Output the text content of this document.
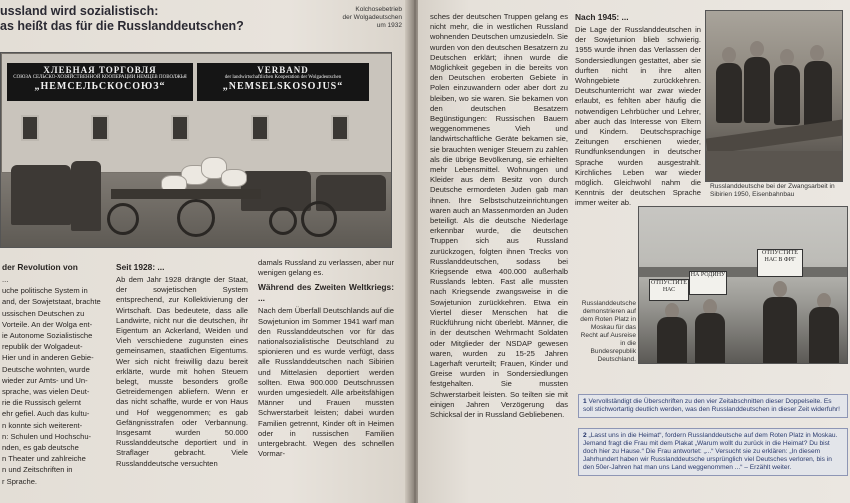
ussland wird sozialistisch:
as heißt das für die Russlanddeutschen?
Kolchosebetrieb
der Wolgadeutschen
um 1932
ХЛЕБНАЯ ТОРГОВЛЯ
СОЮЗА СЕЛЬСКО-ХОЗЯЙСТВЕННОЙ КООПЕРАЦИИ НЕМЦЕВ ПОВОЛЖЬЯ
„НЕМСЕЛЬСКОСОЮЗ“
VERBAND
der landwirtschaftlichen Kooperation der Wolgadeutschen
„NEMSELSKOSOJUS“
der Revolution von

...

uche politische System in

and, der Sowjetstaat, brachte

ussischen Deutschen zu

Vorteile. An der Wolga ent-

ie Autonome Sozialistische

republik der Wolgadeut-

Hier und in anderen Gebie-

Deutsche wohnten, wurde

wieder zur Amts- und Un-

sprache, was vielen Deut-

rie die Russisch gelernt

ehr gefiel. Auch das kultu-

n konnte sich weiterent-

n: Schulen und Hochschu-

nden, es gab deutsche

n Theater und zahlreiche

n und Zeitschriften in

r Sprache.

Seit 1928: ...

Ab dem Jahr 1928 drängte der Staat, der sowjetischen System entsprechend, zur Kollektivierung der Wirtschaft. Das bedeutete, dass alle Landwirte, nicht nur die deutschen, ihr Eigentum an Ackerland, Weiden und Vieh verschiedene zugunsten eines gemeinsamen, staatlichen Eigentums. Wer sich nicht freiwillig dazu bereit erklärte, wurde mit hohen Steuern belegt, musste besonders große Getreidemengen abliefern. Wenn er das nicht schaffte, wurde er von Haus und Hof weggenommen; es gab Gefängnisstrafen oder Verbannung. Insgesamt wurden 50.000 Russlanddeutsche deportiert und in Straflager gebracht. Viele Russlanddeutsche versuchten

damals Russland zu verlassen, aber nur wenigen gelang es.

Während des Zweiten Weltkriegs: ...

Nach dem Überfall Deutschlands auf die Sowjetunion im Sommer 1941 warf man den Russlanddeutschen vor für das nationalsozialistische Deutschland zu spionieren und es wurde verfügt, dass alle Russlanddeutschen nach Sibirien und Mittelasien deportiert werden sollten. Etwa 900.000 Deutschrussen wurden umgesiedelt. Alle arbeitsfähigen Männer und Frauen mussten Schwerstarbeit leisten; dabei wurden Familien getrennt, Kinder oft in Heimen oder in russischen Familien untergebracht. Wegen des schnellen Vormar-

sches der deutschen Truppen gelang es nicht mehr, die in westlichen Russland wohnenden Deutschen umzusiedeln. Sie wurden von den deutschen Besatzern zu Deutschen erklärt; ihnen wurde die Möglichkeit gegeben in die bereits von den Deutschen eroberten Gebiete in Polen einzuwandern oder aber dort zu bleiben, wo sie waren. Sie bekamen von den deutschen Besatzern Begünstigungen: Russischen Bauern weggenommenes Vieh und landwirtschaftliche Geräte bekamen sie, sie brauchten weniger Steuern zu zahlen als die übrige Bevölkerung, sie erhielten mehr Lebensmittel. Wohnungen und Kleider aus dem Besitz von durch Deutsche ermordeten Juden gab man ihnen. Ihre Selbstschutzeinrichtungen waren auch an Massenmorden an Juden beteiligt. Als die deutsche Niederlage erkennbar wurde, die deutschen Truppen sich aus Russland zurückzogen, folgten ihnen Trecks von Russlanddeutschen, sodass bei Kriegsende etwa 400.000 außerhalb Russlands lebten. Fast alle mussten nach Kriegsende zwangsweise in die Sowjetunion zurückkehren. Etwa ein Viertel dieser Menschen hat die Rückführung nicht überlebt. Männer, die in der deutschen Wehrmacht Soldaten oder Mitglieder der NSDAP gewesen waren, wurden zu 15-25 Jahren Lagerhaft verurteilt; Frauen, Kinder und Greise wurden in Sondersiedlungen festgehalten. Sie mussten Schwerstarbeit leisten. So teilten sie mit einigen Jahren Verzögerung das Schicksal der in Russland Gebliebenen.

Nach 1945: ...

Die Lage der Russlanddeutschen in der Sowjetunion blieb schwierig. 1955 wurde ihnen das Verlassen der Sondersiedlungen gestattet, aber sie durften nicht in ihre alten Wohngebiete zurückkehren. Deutschunterricht war zwar wieder erlaubt, es fehlten aber häufig die notwendigen Lehrbücher und Lehrer, aber auch das Interesse von Eltern und Kindern. Deutschsprachige Zeitungen erschienen wieder, Rundfunksendungen in deutscher Sprache wurden ausgestrahlt. Kirchliches Leben war wieder möglich. Gleichwohl nahm die Kenntnis der deutschen Sprache immer weiter ab.

Russlanddeutsche bei der Zwangsarbeit in Sibirien 1950, Eisenbahnbau
ОТПУСТИТЕ НАС
НА РОДИНУ
ОТПУСТИТЕ НАС В ФРГ
Russlanddeutsche demonstrieren auf dem Roten Platz in Moskau für das Recht auf Ausreise in die Bundesrepublik Deutschland.
1 Vervollständigt die Überschriften zu den vier Zeitabschnitten dieser Doppelseite. Es soll stichwortartig deutlich werden, was den Russlanddeutschen in dieser Zeit widerfuhr!
2 „Lasst uns in die Heimat“, fordern Russlanddeutsche auf dem Roten Platz in Moskau. Jemand fragt die Frau mit dem Plakat „Warum wollt du zurück in die Heimat? Du bist doch hier zu Hause.“ Die Frau antwortet: „...“ Versucht sie zu erklären: „In diesem Jahrhundert haben wir Russlanddeutsche ursprünglich viel Deutsches verloren, bis in den 50er-Jahren hat man uns Land weggenommen ...“ – Erzählt weiter.
